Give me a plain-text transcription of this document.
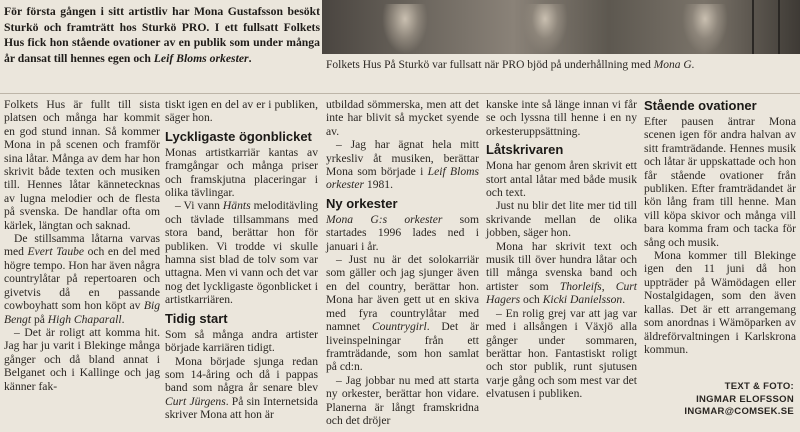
För första gången i sitt artistliv har Mona Gustafsson besökt Sturkö och framträtt hos Sturkö PRO. I ett fullsatt Folkets Hus fick hon stående ovationer av en publik som under många år dansat till hennes egen och Leif Bloms orkester.
Folkets Hus På Sturkö var fullsatt när PRO bjöd på underhållning med Mona G.

Folkets Hus är fullt till sista platsen och många har kommit en god stund innan. Så kommer Mona in på scenen och framför sina låtar. Många av dem har hon skrivit både texten och musiken till. Hennes låtar kännetecknas av lugna melodier och de flesta på svenska. De handlar ofta om kärlek, längtan och saknad.

De stillsamma låtarna varvas med Evert Taube och en del med högre tempo. Hon har även några countrylåtar på repertoaren och givetvis då en passande cowboyhatt som hon köpt av Big Bengt på High Chaparall.

– Det är roligt att komma hit. Jag har ju varit i Blekinge många gånger och då bland annat i Belganet och i Kallinge och jag känner fak-

tiskt igen en del av er i publiken, säger hon.

Lyckligaste ögonblicket

Monas artistkarriär kantas av framgångar och många priser och framskjutna placeringar i olika tävlingar.

– Vi vann Hänts meloditävling och tävlade tillsammans med stora band, berättar hon för publiken. Vi trodde vi skulle hamna sist blad de tolv som var uttagna. Men vi vann och det var nog det lyckligaste ögonblicket i artistkarriären.

Tidig start

Som så många andra artister började karriären tidigt.

Mona började sjunga redan som 14-åring och då i pappas band som några år senare blev Curt Jürgens. På sin Internetsida skriver Mona att hon är

utbildad sömmerska, men att det inte har blivit så mycket syende av.

– Jag har ägnat hela mitt yrkesliv åt musiken, berättar Mona som började i Leif Bloms orkester 1981.

Ny orkester

Mona G:s orkester som startades 1996 lades ned i januari i år.

– Just nu är det solokarriär som gäller och jag sjunger även en del country, berättar hon. Mona har även gett ut en skiva med fyra countrylåtar med namnet Countrygirl. Det är liveinspelningar från ett framträdande, som hon samlat på cd:n.

– Jag jobbar nu med att starta ny orkester, berättar hon vidare. Planerna är långt framskridna och det dröjer

kanske inte så länge innan vi får se och lyssna till henne i en ny orkesteruppsättning.

Låtskrivaren

Mona har genom åren skrivit ett stort antal låtar med både musik och text.

Just nu blir det lite mer tid till skrivande mellan de olika jobben, säger hon.

Mona har skrivit text och musik till över hundra låtar och till många svenska band och artister som Thorleifs, Curt Hagers och Kicki Danielsson.

– En rolig grej var att jag var med i allsången i Växjö alla gånger under sommaren, berättar hon. Fantastiskt roligt och stor publik, runt sjutusen varje gång och som mest var det elvatusen i publiken.

Stående ovationer

Efter pausen äntrar Mona scenen igen för andra halvan av sitt framträdande. Hennes musik och låtar är uppskattade och hon får stående ovationer från publiken. Efter framträdandet är kön lång fram till henne. Man vill köpa skivor och många vill bara komma fram och tacka för sång och musik.

Mona kommer till Blekinge igen den 11 juni då hon uppträder på Wämödagen eller Nostalgidagen, som den även kallas. Det är ett arrangemang som anordnas i Wämöparken av äldreförvaltningen i Karlskrona kommun.

TEXT & FOTO:
INGMAR ELOFSSON
INGMAR@COMSEK.SE
